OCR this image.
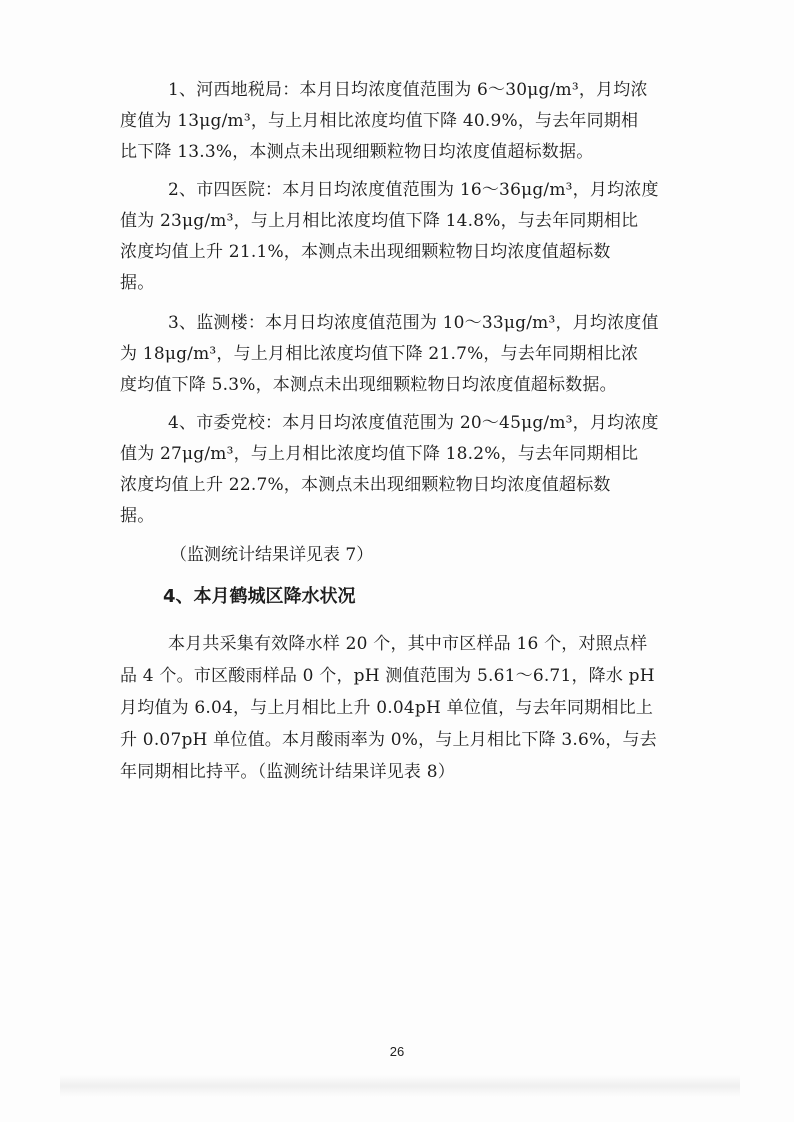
1、河西地税局：本月日均浓度值范围为 6～30μg/m³，月均浓
度值为 13μg/m³，与上月相比浓度均值下降 40.9%，与去年同期相
比下降 13.3%，本测点未出现细颗粒物日均浓度值超标数据。
2、市四医院：本月日均浓度值范围为 16～36μg/m³，月均浓度
值为 23μg/m³，与上月相比浓度均值下降 14.8%，与去年同期相比
浓度均值上升 21.1%，本测点未出现细颗粒物日均浓度值超标数
据。
3、监测楼：本月日均浓度值范围为 10～33μg/m³，月均浓度值
为 18μg/m³，与上月相比浓度均值下降 21.7%，与去年同期相比浓
度均值下降 5.3%，本测点未出现细颗粒物日均浓度值超标数据。
4、市委党校：本月日均浓度值范围为 20～45μg/m³，月均浓度
值为 27μg/m³，与上月相比浓度均值下降 18.2%，与去年同期相比
浓度均值上升 22.7%，本测点未出现细颗粒物日均浓度值超标数
据。

（监测统计结果详见表 7）

4、本月鹤城区降水状况
本月共采集有效降水样 20 个，其中市区样品 16 个，对照点样
品 4 个。市区酸雨样品 0 个，pH 测值范围为 5.61～6.71，降水 pH
月均值为 6.04，与上月相比上升 0.04pH 单位值，与去年同期相比上
升 0.07pH 单位值。本月酸雨率为 0%，与上月相比下降 3.6%，与去
年同期相比持平。（监测统计结果详见表 8）
26
